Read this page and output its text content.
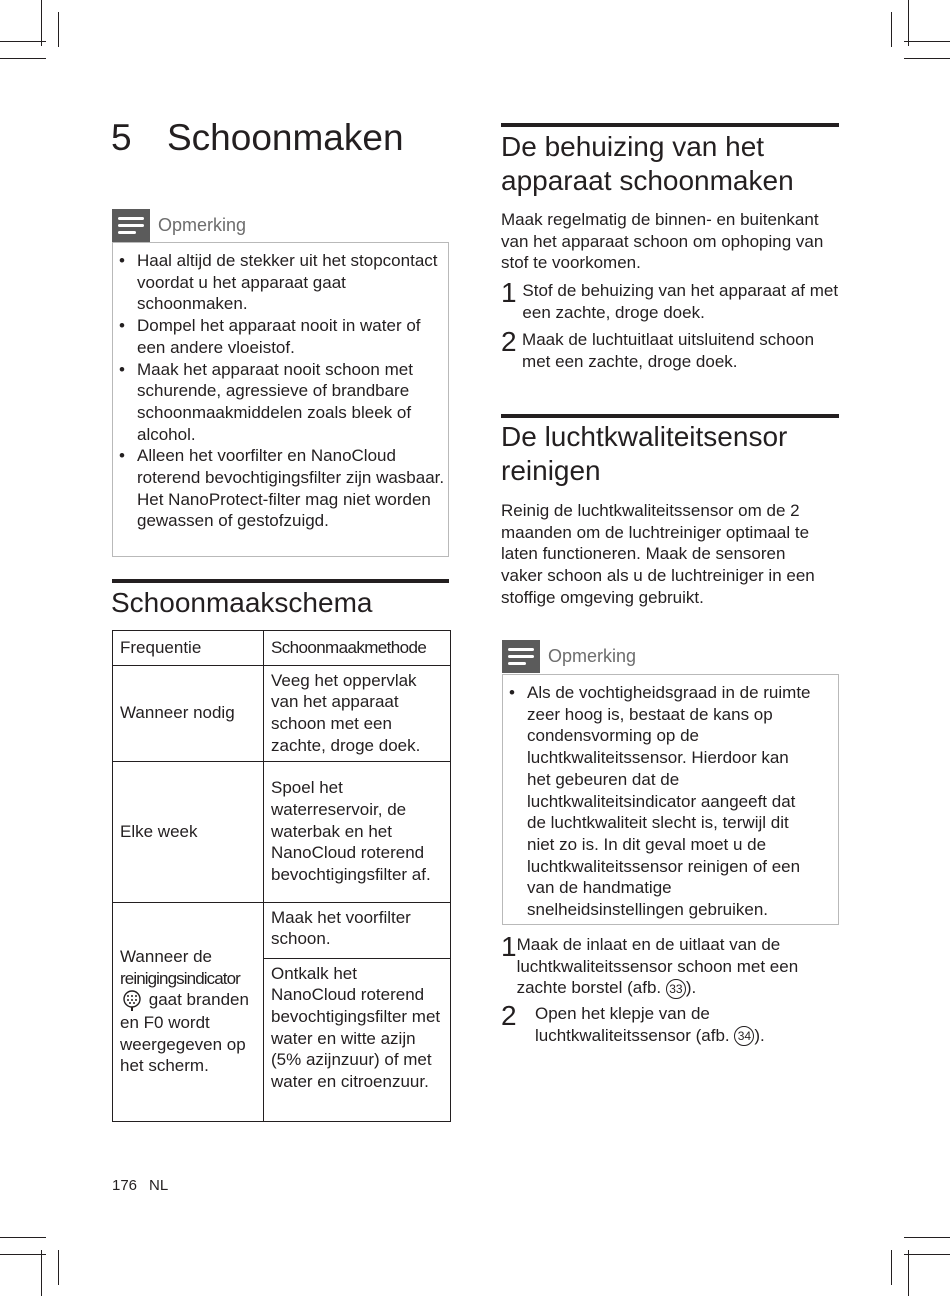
5 Schoonmaken
Opmerking
• Haal altijd de stekker uit het stopcontact voordat u het apparaat gaat schoonmaken.
• Dompel het apparaat nooit in water of een andere vloeistof.
• Maak het apparaat nooit schoon met schurende, agressieve of brandbare schoonmaakmiddelen zoals bleek of alcohol.
• Alleen het voorfilter en NanoCloud roterend bevochtigingsfilter zijn wasbaar. Het NanoProtect-filter mag niet worden gewassen of gestofzuigd.
Schoonmaakschema
Frequentie	Schoonmaakmethode
Wanneer nodig	Veeg het oppervlak van het apparaat schoon met een zachte, droge doek.
Elke week	Spoel het waterreservoir, de waterbak en het NanoCloud roterend bevochtigingsfilter af.
Wanneer de
reinigingsindicator
gaat branden en F0 wordt weergegeven op het scherm.	Maak het voorfilter schoon.
	Ontkalk het NanoCloud roterend bevochtigingsfilter met water en witte azijn (5% azijnzuur) of met water en citroenzuur.
De behuizing van het apparaat schoonmaken
Maak regelmatig de binnen- en buitenkant van het apparaat schoon om ophoping van stof te voorkomen.
1 Stof de behuizing van het apparaat af met een zachte, droge doek.
2 Maak de luchtuitlaat uitsluitend schoon met een zachte, droge doek.
De luchtkwaliteitsensor reinigen
Reinig de luchtkwaliteitssensor om de 2 maanden om de luchtreiniger optimaal te laten functioneren. Maak de sensoren vaker schoon als u de luchtreiniger in een stoffige omgeving gebruikt.
Opmerking
• Als de vochtigheidsgraad in de ruimte zeer hoog is, bestaat de kans op condensvorming op de luchtkwaliteitssensor. Hierdoor kan het gebeuren dat de luchtkwaliteitsindicator aangeeft dat de luchtkwaliteit slecht is, terwijl dit niet zo is. In dit geval moet u de luchtkwaliteitssensor reinigen of een van de handmatige snelheidsinstellingen gebruiken.
1 Maak de inlaat en de uitlaat van de luchtkwaliteitssensor schoon met een zachte borstel (afb. 33 ).
2	Open het klepje van de luchtkwaliteitssensor (afb. 34 ).
176 NL
